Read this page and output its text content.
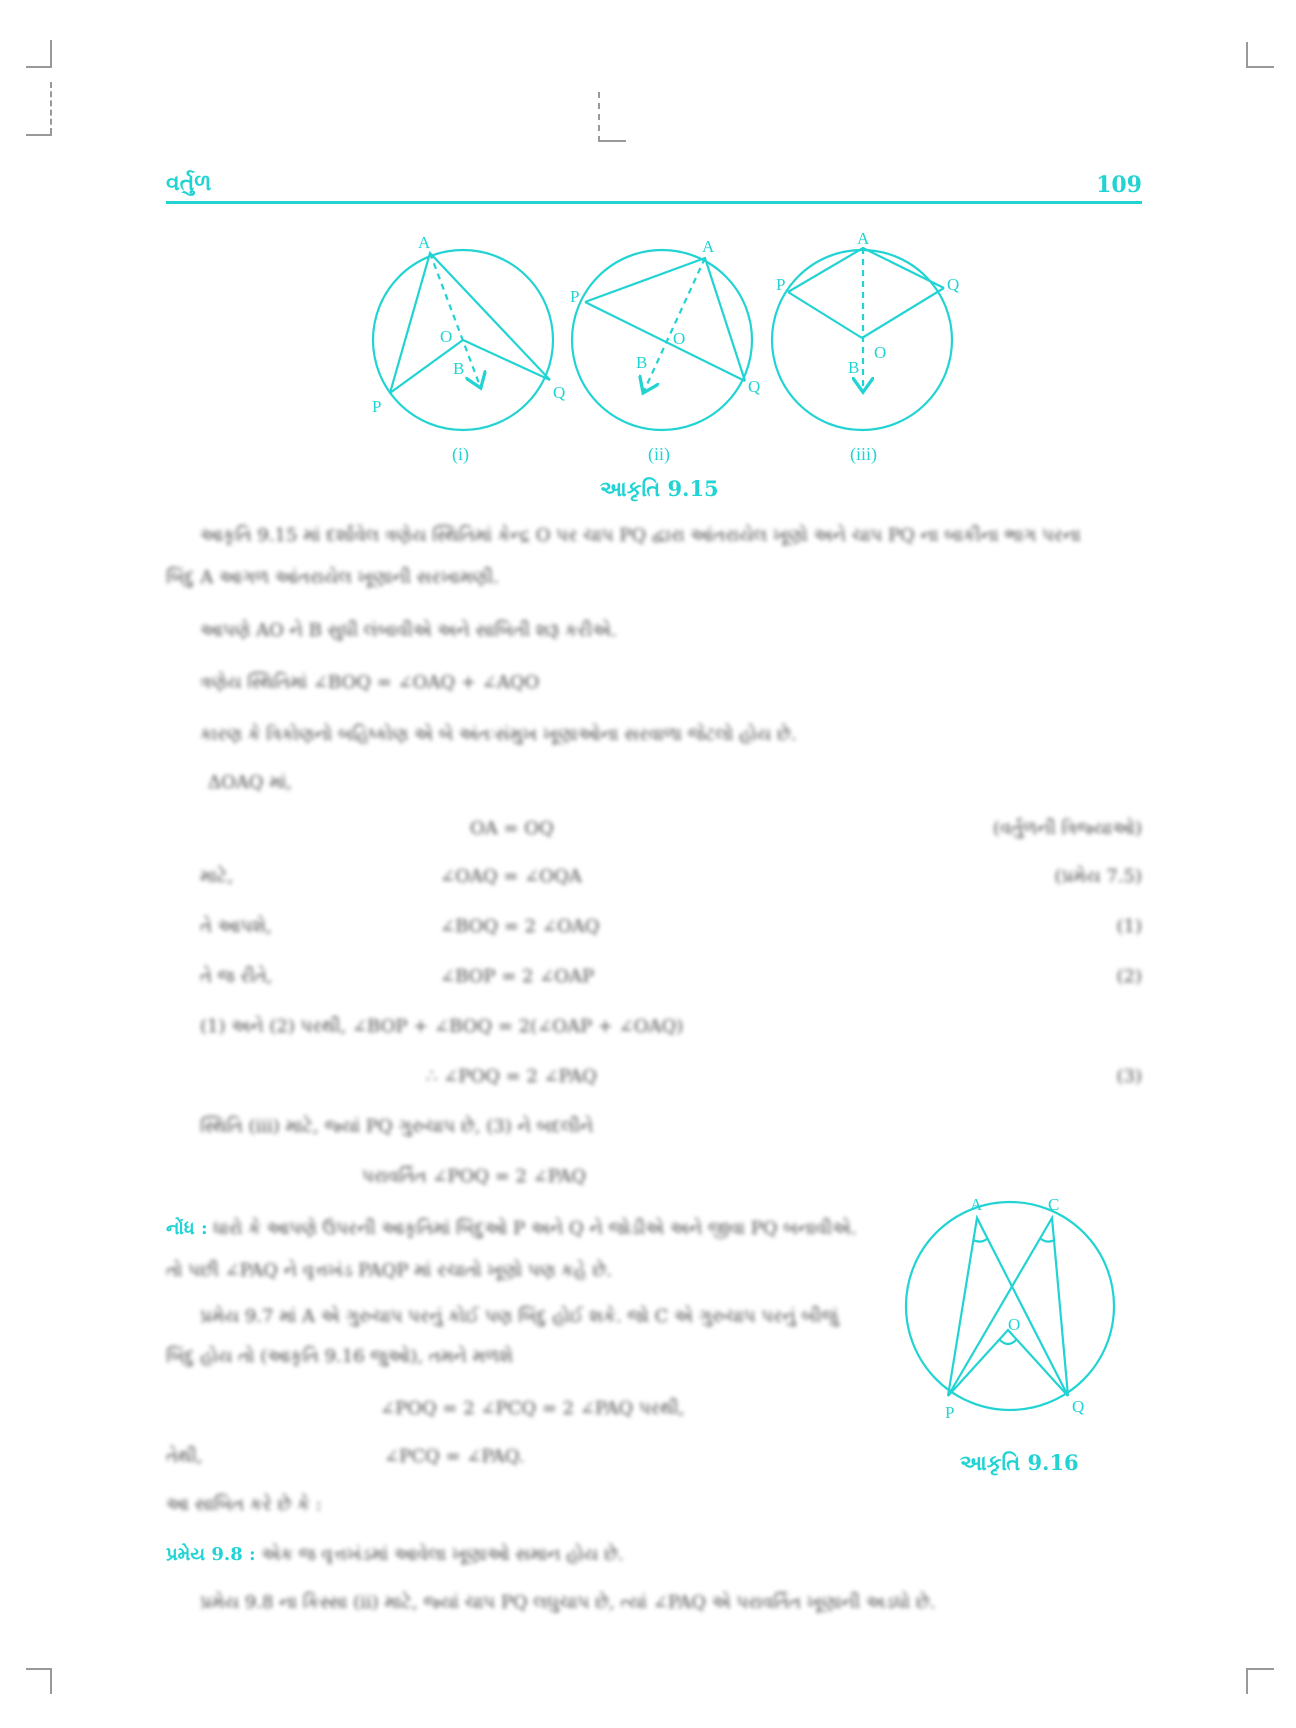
વર્તુળ	109
A
O
B
P
Q
A
O
B
P
Q
A
O
B
P	Q
(i)	(ii)	(iii)
આકૃતિ 9.15
આકૃતિ 9.15 માં દર્શાવેલ ત્રણેય સ્થિતિમાં કેન્દ્ર O પર ચાપ PQ દ્વારા આંતરાયેલ ખૂણો અને ચાપ PQ ના બાકીના ભાગ પરના
બિંદુ A આગળ આંતરાયેલ ખૂણાની સરખામણી.
આપણે AO ને B સુધી લંબાવીએ અને સાબિતી શરૂ કરીએ.
ત્રણેય સ્થિતિમાં ∠BOQ = ∠OAQ + ∠AQO
કારણ કે ત્રિકોણનો બહિષ્કોણ એ બે અંતઃસંમુખ ખૂણાઓના સરવાળા જેટલો હોય છે.
ΔOAQ માં,
OA = OQ	(વર્તુળની ત્રિજ્યાઓ)
માટે,	∠OAQ = ∠OQA	(પ્રમેય 7.5)
તે આપશે,	∠BOQ = 2 ∠OAQ	(1)
તે જ રીતે,	∠BOP = 2 ∠OAP	(2)
(1) અને (2) પરથી, ∠BOP + ∠BOQ = 2(∠OAP + ∠OAQ)
∴ ∠POQ = 2 ∠PAQ	(3)
સ્થિતિ (iii) માટે, જ્યાં PQ ગુરુચાપ છે, (3) ને બદલીને
પરાવર્તિત ∠POQ = 2 ∠PAQ
નોંધ : ધારો કે આપણે ઉપરની આકૃતિમાં બિંદુઓ P અને Q ને જોડીએ અને જીવા PQ બનાવીએ.
તો પછી ∠PAQ ને વૃત્તખંડ PAQP માં રચાતો ખૂણો પણ કહે છે.
પ્રમેય 9.7 માં A એ ગુરુચાપ પરનું કોઈ પણ બિંદુ હોઈ શકે. જો C એ ગુરુચાપ પરનું બીજું
બિંદુ હોય તો (આકૃતિ 9.16 જુઓ), તમને મળશે
∠POQ = 2 ∠PCQ = 2 ∠PAQ પરથી,
તેથી,	∠PCQ = ∠PAQ.
આ સાબિત કરે છે કે :
પ્રમેય 9.8 : એક જ વૃત્તખંડમાં આવેલા ખૂણાઓ સમાન હોય છે.
પ્રમેય 9.8 ના કિસ્સા (ii) માટે, જ્યાં ચાપ PQ લઘુચાપ છે, ત્યાં ∠PAQ એ પરાવર્તિત ખૂણાની અડધો છે.
A	C
O
P	Q
આકૃતિ 9.16
